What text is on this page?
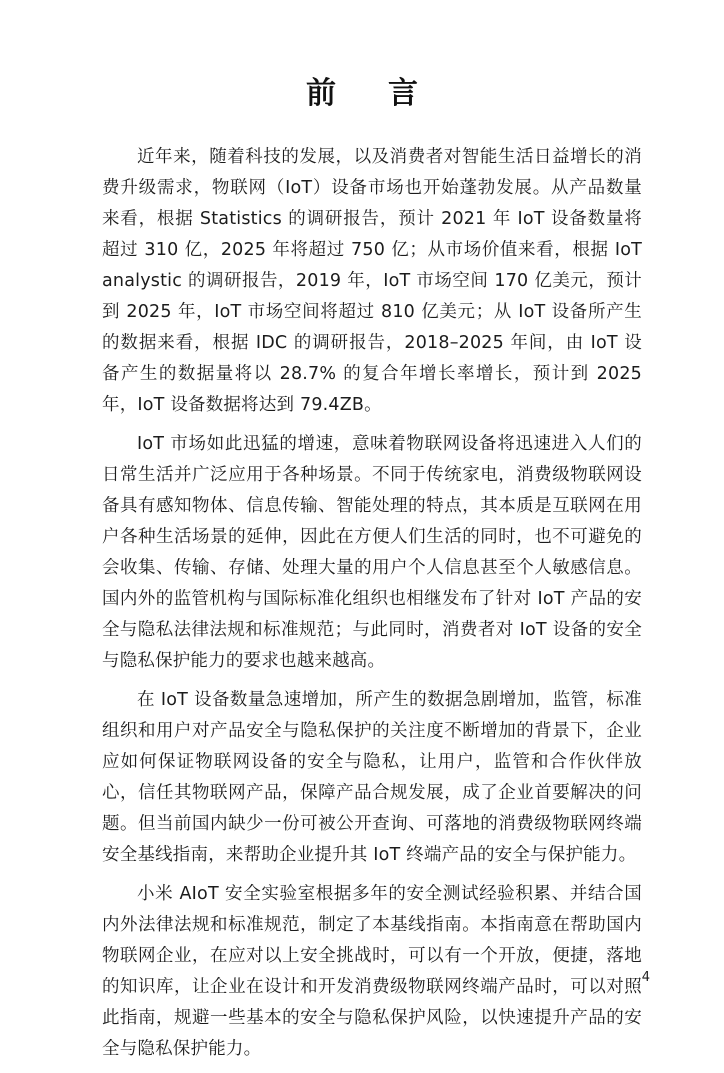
前言

近年来，随着科技的发展，以及消费者对智能生活日益增长的消费升级需求，物联网（IoT）设备市场也开始蓬勃发展。从产品数量来看，根据 Statistics 的调研报告，预计 2021 年 IoT 设备数量将超过 310 亿，2025 年将超过 750 亿；从市场价值来看，根据 IoT analystic 的调研报告，2019 年，IoT 市场空间 170 亿美元，预计到 2025 年，IoT 市场空间将超过 810 亿美元；从 IoT 设备所产生的数据来看，根据 IDC 的调研报告，2018–2025 年间，由 IoT 设备产生的数据量将以 28.7% 的复合年增长率增长，预计到 2025 年，IoT 设备数据将达到 79.4ZB。

IoT 市场如此迅猛的增速，意味着物联网设备将迅速进入人们的日常生活并广泛应用于各种场景。不同于传统家电，消费级物联网设备具有感知物体、信息传输、智能处理的特点，其本质是互联网在用户各种生活场景的延伸，因此在方便人们生活的同时，也不可避免的会收集、传输、存储、处理大量的用户个人信息甚至个人敏感信息。国内外的监管机构与国际标准化组织也相继发布了针对 IoT 产品的安全与隐私法律法规和标准规范；与此同时，消费者对 IoT 设备的安全与隐私保护能力的要求也越来越高。

在 IoT 设备数量急速增加，所产生的数据急剧增加，监管，标准组织和用户对产品安全与隐私保护的关注度不断增加的背景下，企业应如何保证物联网设备的安全与隐私，让用户，监管和合作伙伴放心，信任其物联网产品，保障产品合规发展，成了企业首要解决的问题。但当前国内缺少一份可被公开查询、可落地的消费级物联网终端安全基线指南，来帮助企业提升其 IoT 终端产品的安全与保护能力。

小米 AIoT 安全实验室根据多年的安全测试经验积累、并结合国内外法律法规和标准规范，制定了本基线指南。本指南意在帮助国内物联网企业，在应对以上安全挑战时，可以有一个开放，便捷，落地的知识库，让企业在设计和开发消费级物联网终端产品时，可以对照此指南，规避一些基本的安全与隐私保护风险，以快速提升产品的安全与隐私保护能力。

4
